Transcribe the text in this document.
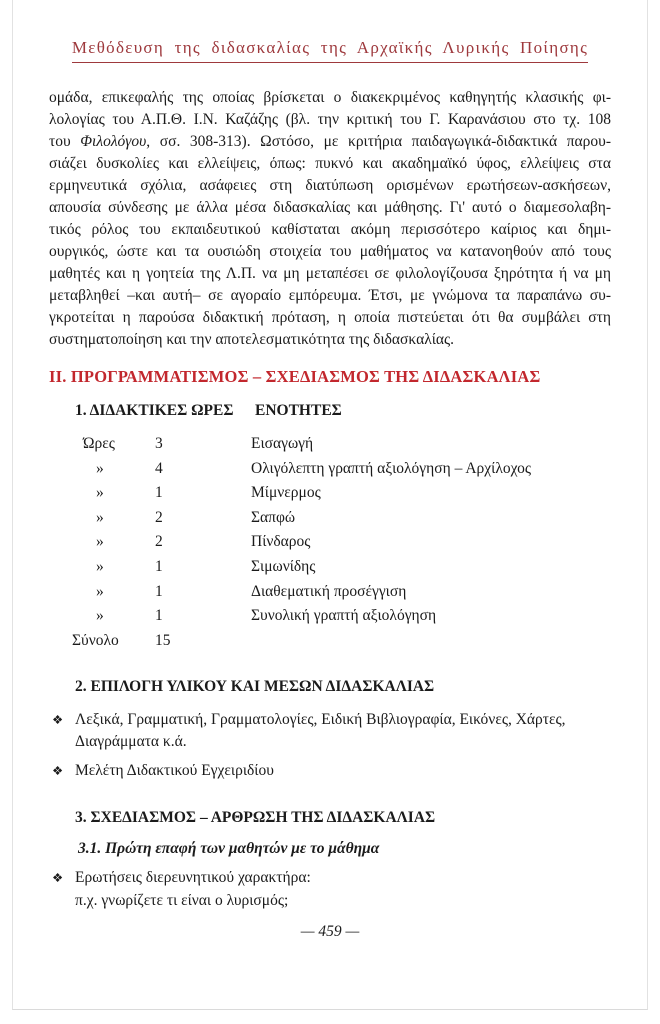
Μεθόδευση της διδασκαλίας της Αρχαϊκής Λυρικής Ποίησης
ομάδα, επικεφαλής της οποίας βρίσκεται ο διακεκριμένος καθηγητής κλασικής φι-
λολογίας του Α.Π.Θ. Ι.Ν. Καζάζης (βλ. την κριτική του Γ. Καρανάσιου στο τχ. 108
του Φιλολόγου, σσ. 308-313). Ωστόσο, με κριτήρια παιδαγωγικά-διδακτικά παρου-
σιάζει δυσκολίες και ελλείψεις, όπως: πυκνό και ακαδημαϊκό ύφος, ελλείψεις στα
ερμηνευτικά σχόλια, ασάφειες στη διατύπωση ορισμένων ερωτήσεων-ασκήσεων,
απουσία σύνδεσης με άλλα μέσα διδασκαλίας και μάθησης. Γι' αυτό ο διαμεσολαβη-
τικός ρόλος του εκπαιδευτικού καθίσταται ακόμη περισσότερο καίριος και δημι-
ουργικός, ώστε και τα ουσιώδη στοιχεία του μαθήματος να κατανοηθούν από τους
μαθητές και η γοητεία της Λ.Π. να μη μεταπέσει σε φιλολογίζουσα ξηρότητα ή να μη
μεταβληθεί –και αυτή– σε αγοραίο εμπόρευμα. Έτσι, με γνώμονα τα παραπάνω συ-
γκροτείται η παρούσα διδακτική πρόταση, η οποία πιστεύεται ότι θα συμβάλει στη
συστηματοποίηση και την αποτελεσματικότητα της διδασκαλίας.
ΙΙ. ΠΡΟΓΡΑΜΜΑΤΙΣΜΟΣ – ΣΧΕΔΙΑΣΜΟΣ ΤΗΣ ΔΙΔΑΣΚΑΛΙΑΣ
1. ΔΙΔΑΚΤΙΚΕΣ ΩΡΕΣ	ΕΝΟΤΗΤΕΣ
Ώρες	3	Εισαγωγή
»	4	Ολιγόλεπτη γραπτή αξιολόγηση – Αρχίλοχος
»	1	Μίμνερμος
»	2	Σαπφώ
»	2	Πίνδαρος
»	1	Σιμωνίδης
»	1	Διαθεματική προσέγγιση
»	1	Συνολική γραπτή αξιολόγηση
Σύνολο	15
2. ΕΠΙΛΟΓΗ ΥΛΙΚΟΥ ΚΑΙ ΜΕΣΩΝ ΔΙΔΑΣΚΑΛΙΑΣ
❖ Λεξικά, Γραμματική, Γραμματολογίες, Ειδική Βιβλιογραφία, Εικόνες, Χάρτες, Διαγράμματα κ.ά.
❖ Μελέτη Διδακτικού Εγχειριδίου
3. ΣΧΕΔΙΑΣΜΟΣ – ΑΡΘΡΩΣΗ ΤΗΣ ΔΙΔΑΣΚΑΛΙΑΣ
3.1. Πρώτη επαφή των μαθητών με το μάθημα
❖ Ερωτήσεις διερευνητικού χαρακτήρα:
π.χ. γνωρίζετε τι είναι ο λυρισμός;
— 459 —
